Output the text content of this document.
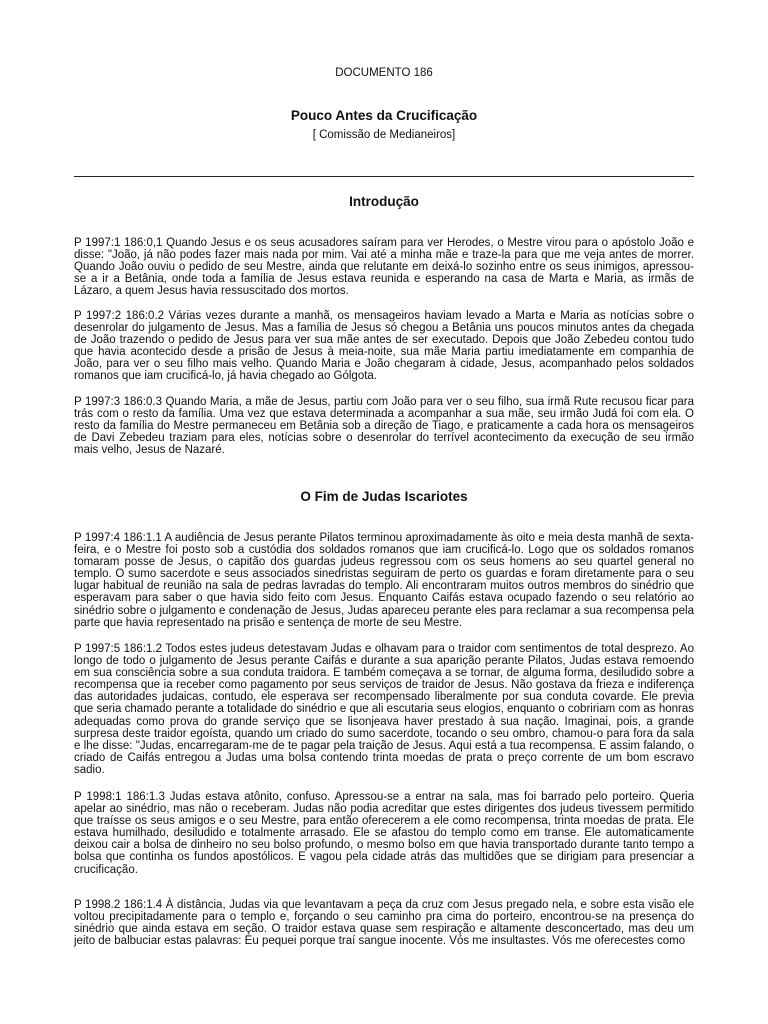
DOCUMENTO 186
Pouco Antes da Crucificação
[ Comissão de Medianeiros]
Introdução

P 1997:1 186:0,1 Quando Jesus e os seus acusadores saíram para ver Herodes, o Mestre virou para o apóstolo João e disse: "João, já não podes fazer mais nada por mim. Vai até a minha mãe e traze-la para que me veja antes de morrer. Quando João ouviu o pedido de seu Mestre, ainda que relutante em deixá-lo sozinho entre os seus inimigos, apressou-se a ir a Betânia, onde toda a família de Jesus estava reunida e esperando na casa de Marta e Maria, as irmãs de Lázaro, a quem Jesus havia ressuscitado dos mortos.

P 1997:2 186:0.2 Várias vezes durante a manhã, os mensageiros haviam levado a Marta e Maria as notícias sobre o desenrolar do julgamento de Jesus. Mas a família de Jesus só chegou a Betânia uns poucos minutos antes da chegada de João trazendo o pedido de Jesus para ver sua mãe antes de ser executado. Depois que João Zebedeu contou tudo que havia acontecido desde a prisão de Jesus à meia-noite, sua mãe Maria partiu imediatamente em companhia de João, para ver o seu filho mais velho. Quando Maria e João chegaram à cidade, Jesus, acompanhado pelos soldados romanos que iam crucificá-lo, já havia chegado ao Gólgota.

P 1997:3 186:0.3 Quando Maria, a mãe de Jesus, partiu com João para ver o seu filho, sua irmã Rute recusou ficar para trás com o resto da família. Uma vez que estava determinada a acompanhar a sua mãe, seu irmão Judá foi com ela. O resto da família do Mestre permaneceu em Betânia sob a direção de Tiago, e praticamente a cada hora os mensageiros de Davi Zebedeu traziam para eles, notícias sobre o desenrolar do terrível acontecimento da execução de seu irmão mais velho, Jesus de Nazaré.

O Fim de Judas Iscariotes

P 1997:4 186:1.1 A audiência de Jesus perante Pilatos terminou aproximadamente às oito e meia desta manhã de sexta-feira, e o Mestre foi posto sob a custódia dos soldados romanos que iam crucificá-lo. Logo que os soldados romanos tomaram posse de Jesus, o capitão dos guardas judeus regressou com os seus homens ao seu quartel general no templo. O sumo sacerdote e seus associados sinedristas seguiram de perto os guardas e foram diretamente para o seu lugar habitual de reunião na sala de pedras lavradas do templo. Ali encontraram muitos outros membros do sinédrio que esperavam para saber o que havia sido feito com Jesus. Enquanto Caifás estava ocupado fazendo o seu relatório ao sinédrio sobre o julgamento e condenação de Jesus, Judas apareceu perante eles para reclamar a sua recompensa pela parte que havia representado na prisão e sentença de morte de seu Mestre.

P 1997:5 186:1.2 Todos estes judeus detestavam Judas e olhavam para o traidor com sentimentos de total desprezo. Ao longo de todo o julgamento de Jesus perante Caifás e durante a sua aparição perante Pilatos, Judas estava remoendo em sua consciência sobre a sua conduta traidora. E também começava a se tornar, de alguma forma, desiludido sobre a recompensa que ia receber como pagamento por seus serviços de traidor de Jesus. Não gostava da frieza e indiferença das autoridades judaicas, contudo, ele esperava ser recompensado liberalmente por sua conduta covarde. Ele previa que seria chamado perante a totalidade do sinédrio e que ali escutaria seus elogios, enquanto o cobririam com as honras adequadas como prova do grande serviço que se lisonjeava haver prestado à sua nação. Imaginai, pois, a grande surpresa deste traidor egoísta, quando um criado do sumo sacerdote, tocando o seu ombro, chamou-o para fora da sala e lhe disse: "Judas, encarregaram-me de te pagar pela traição de Jesus. Aqui está a tua recompensa. E assim falando, o criado de Caifás entregou a Judas uma bolsa contendo trinta moedas de prata o preço corrente de um bom escravo sadio.

P 1998:1 186:1.3 Judas estava atônito, confuso. Apressou-se a entrar na sala, mas foi barrado pelo porteiro. Queria apelar ao sinédrio, mas não o receberam. Judas não podia acreditar que estes dirigentes dos judeus tivessem permitido que traísse os seus amigos e o seu Mestre, para então oferecerem a ele como recompensa, trinta moedas de prata. Ele estava humilhado, desiludido e totalmente arrasado. Ele se afastou do templo como em transe. Ele automaticamente deixou cair a bolsa de dinheiro no seu bolso profundo, o mesmo bolso em que havia transportado durante tanto tempo a bolsa que continha os fundos apostólicos. E vagou pela cidade atrás das multidões que se dirigiam para presenciar a crucificação.

P 1998.2 186:1.4 À distância, Judas via que levantavam a peça da cruz com Jesus pregado nela, e sobre esta visão ele voltou precipitadamente para o templo e, forçando o seu caminho pra cima do porteiro, encontrou-se na presença do sinédrio que ainda estava em seção. O traidor estava quase sem respiração e altamente desconcertado, mas deu um jeito de balbuciar estas palavras: Eu pequei porque traí sangue inocente. Vós me insultastes. Vós me oferecestes como
